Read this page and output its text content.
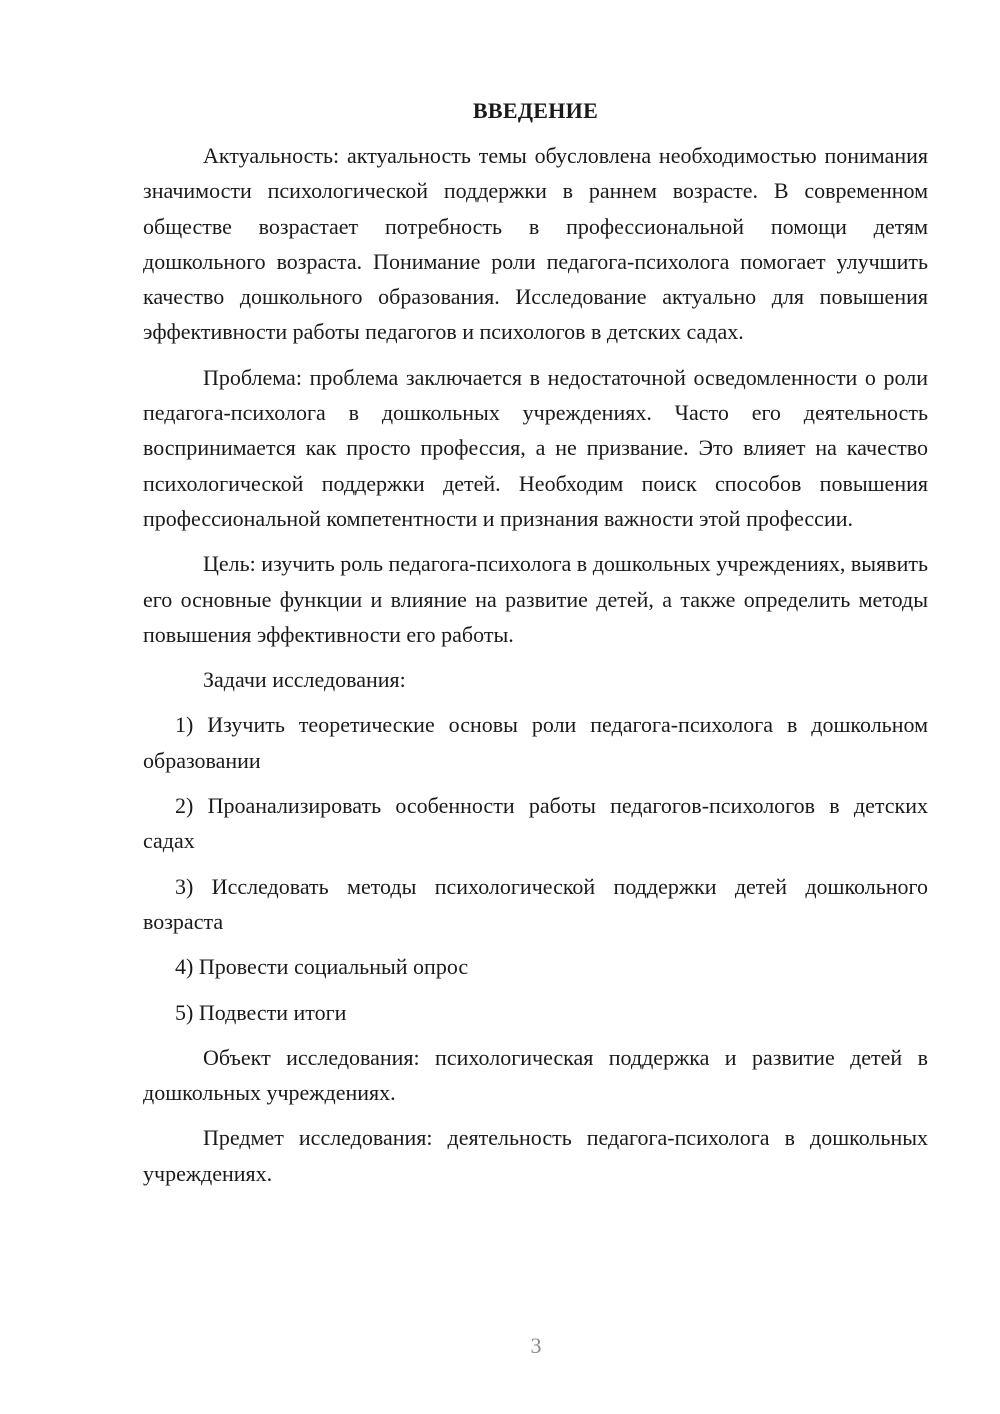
ВВЕДЕНИЕ

Актуальность: актуальность темы обусловлена необходимостью понимания значимости психологической поддержки в раннем возрасте. В современном обществе возрастает потребность в профессиональной помощи детям дошкольного возраста. Понимание роли педагога-психолога помогает улучшить качество дошкольного образования. Исследование актуально для повышения эффективности работы педагогов и психологов в детских садах.

Проблема: проблема заключается в недостаточной осведомленности о роли педагога-психолога в дошкольных учреждениях. Часто его деятельность воспринимается как просто профессия, а не призвание. Это влияет на качество психологической поддержки детей. Необходим поиск способов повышения профессиональной компетентности и признания важности этой профессии.

Цель: изучить роль педагога-психолога в дошкольных учреждениях, выявить его основные функции и влияние на развитие детей, а также определить методы повышения эффективности его работы.

Задачи исследования:

1) Изучить теоретические основы роли педагога-психолога в дошкольном образовании

2) Проанализировать особенности работы педагогов-психологов в детских садах

3) Исследовать методы психологической поддержки детей дошкольного возраста

4) Провести социальный опрос

5) Подвести итоги

Объект исследования: психологическая поддержка и развитие детей в дошкольных учреждениях.

Предмет исследования: деятельность педагога-психолога в дошкольных учреждениях.

3
